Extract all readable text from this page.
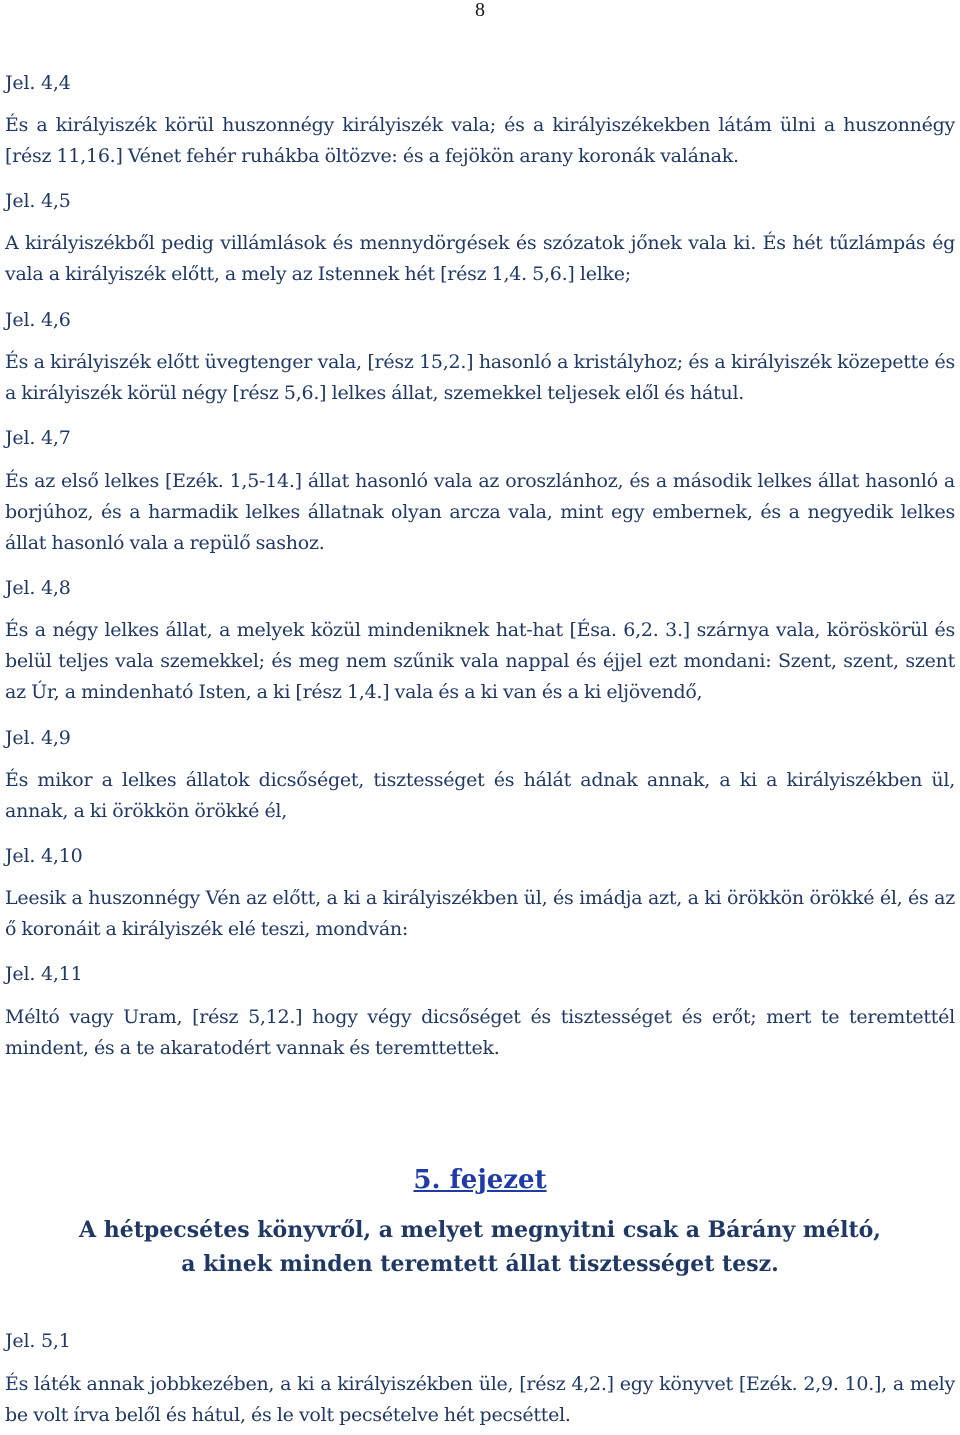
8
Jel. 4,4
És a királyiszék körül huszonnégy királyiszék vala; és a királyiszékekben látám ülni a huszonnégy [rész 11,16.] Vénet fehér ruhákba öltözve: és a fejökön arany koronák valának.
Jel. 4,5
A királyiszékből pedig villámlások és mennydörgések és szózatok jőnek vala ki. És hét tűzlámpás ég vala a királyiszék előtt, a mely az Istennek hét [rész 1,4. 5,6.] lelke;
Jel. 4,6
És a királyiszék előtt üvegtenger vala, [rész 15,2.] hasonló a kristályhoz; és a királyiszék közepette és a királyiszék körül négy [rész 5,6.] lelkes állat, szemekkel teljesek elől és hátul.
Jel. 4,7
És az első lelkes [Ezék. 1,5-14.] állat hasonló vala az oroszlánhoz, és a második lelkes állat hasonló a borjúhoz, és a harmadik lelkes állatnak olyan arcza vala, mint egy embernek, és a negyedik lelkes állat hasonló vala a repülő sashoz.
Jel. 4,8
És a négy lelkes állat, a melyek közül mindeniknek hat-hat [Ésa. 6,2. 3.] szárnya vala, köröskörül és belül teljes vala szemekkel; és meg nem szűnik vala nappal és éjjel ezt mondani: Szent, szent, szent az Úr, a mindenható Isten, a ki [rész 1,4.] vala és a ki van és a ki eljövendő,
Jel. 4,9
És mikor a lelkes állatok dicsőséget, tisztességet és hálát adnak annak, a ki a királyiszékben ül, annak, a ki örökkön örökké él,
Jel. 4,10
Leesik a huszonnégy Vén az előtt, a ki a királyiszékben ül, és imádja azt, a ki örökkön örökké él, és az ő koronáit a királyiszék elé teszi, mondván:
Jel. 4,11
Méltó vagy Uram, [rész 5,12.] hogy végy dicsőséget és tisztességet és erőt; mert te teremtettél mindent, és a te akaratodért vannak és teremttettek.
5. fejezet
A hétpecsétes könyvről, a melyet megnyitni csak a Bárány méltó,
a kinek minden teremtett állat tisztességet tesz.
Jel. 5,1
És láték annak jobbkezében, a ki a királyiszékben üle, [rész 4,2.] egy könyvet [Ezék. 2,9. 10.], a mely be volt írva belől és hátul, és le volt pecsételve hét pecséttel.
